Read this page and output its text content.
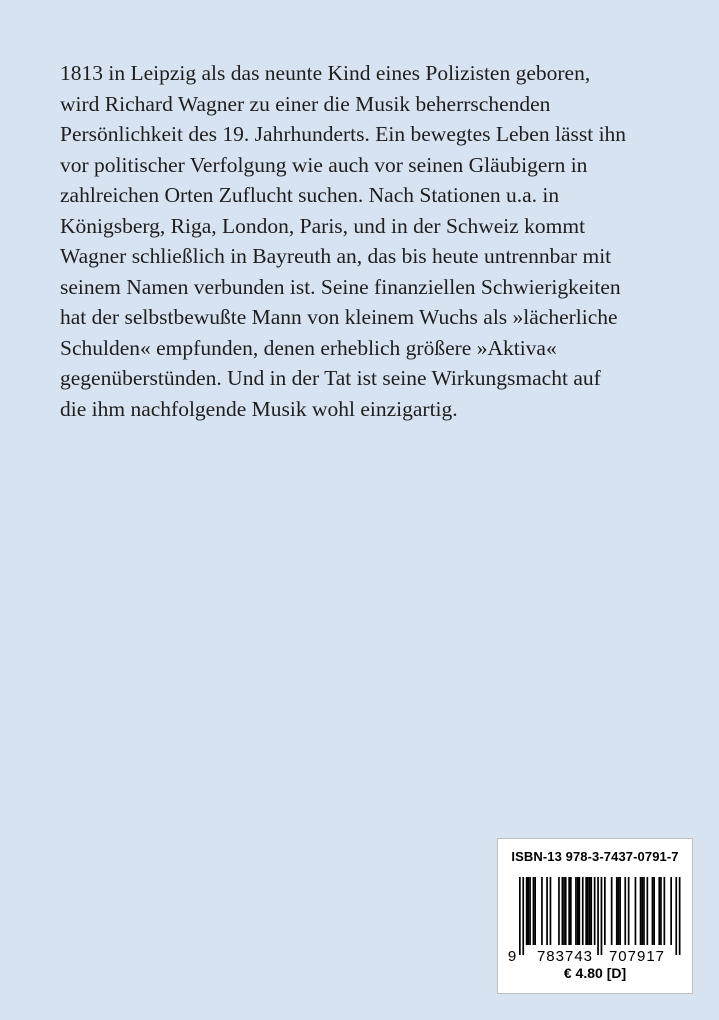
1813 in Leipzig als das neunte Kind eines Polizisten geboren,
wird Richard Wagner zu einer die Musik beherrschenden
Persönlichkeit des 19. Jahrhunderts. Ein bewegtes Leben lässt ihn
vor politischer Verfolgung wie auch vor seinen Gläubigern in
zahlreichen Orten Zuflucht suchen. Nach Stationen u.a. in
Königsberg, Riga, London, Paris, und in der Schweiz kommt
Wagner schließlich in Bayreuth an, das bis heute untrennbar mit
seinem Namen verbunden ist. Seine finanziellen Schwierigkeiten
hat der selbstbewußte Mann von kleinem Wuchs als »lächerliche
Schulden« empfunden, denen erheblich größere »Aktiva«
gegenüberstünden. Und in der Tat ist seine Wirkungsmacht auf
die ihm nachfolgende Musik wohl einzigartig.
ISBN-13 978-3-7437-0791-7
9 783743 707917
€ 4.80 [D]
